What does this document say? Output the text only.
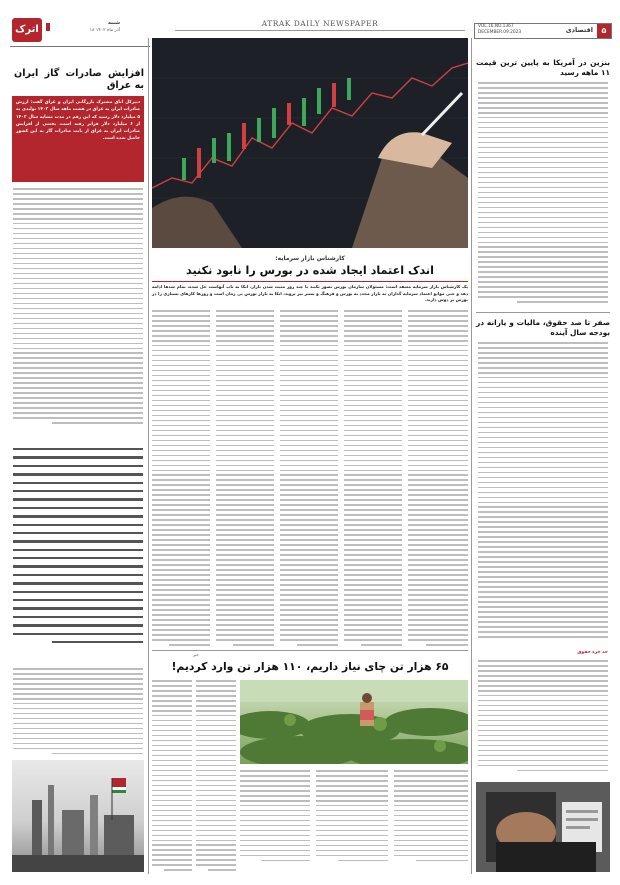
ATRAK DAILY NEWSPAPER
۵
اقتصادی
VOL.16,NO.1367
DECEMBER.09.2023
اترک
شنبه
۱۸ آذر ماه ۱۴۰۲
افزایش صادرات گاز ایران به عراق
دبیرکل اتاق مشترک بازرگانی ایران و عراق گفت: ارزش صادرات ایران به عراق در هشت ماهه سال ۱۴۰۲ تولیدی به ۵ میلیارد دلار رسید که این رقم در مدت مشابه سال ۱۴۰۲ از ۶ میلیارد دلار فراتر رفته است، بخشی از افزایش صادرات ایران به عراق از بابت صادرات گاز به این کشور حاصل شده است.
کارشناس بازار سرمایه:
اندک اعتماد ایجاد شده در بورس را نابود نکنید
یک کارشناس بازار سرمایه معتقد است: مسئولان سازمان بورس تصور نکنند با چند روز مثبت شدن بازار، اتکا به تاب آنهاست حل شده، تمام شدها ادامه دهد و حتی موانع اعتماد سرمایه گذاران به بازار مجدد به بورس و فرهنگ و بستر نیز بروید، اتکا به بازار بورس بی زمان است و روزها کارهای بسیاری را در بورس بر دوش دارند.
خبر
۶۵ هزار تن چای نیاز داریم، ۱۱۰ هزار تن وارد کردیم!
بنزین در آمریکا به پایین ترین قیمت ۱۱ ماهه رسید
صفر تا صد حقوق، مالیات و یارانه در بودجه سال آینده
حد جزء حقوق
